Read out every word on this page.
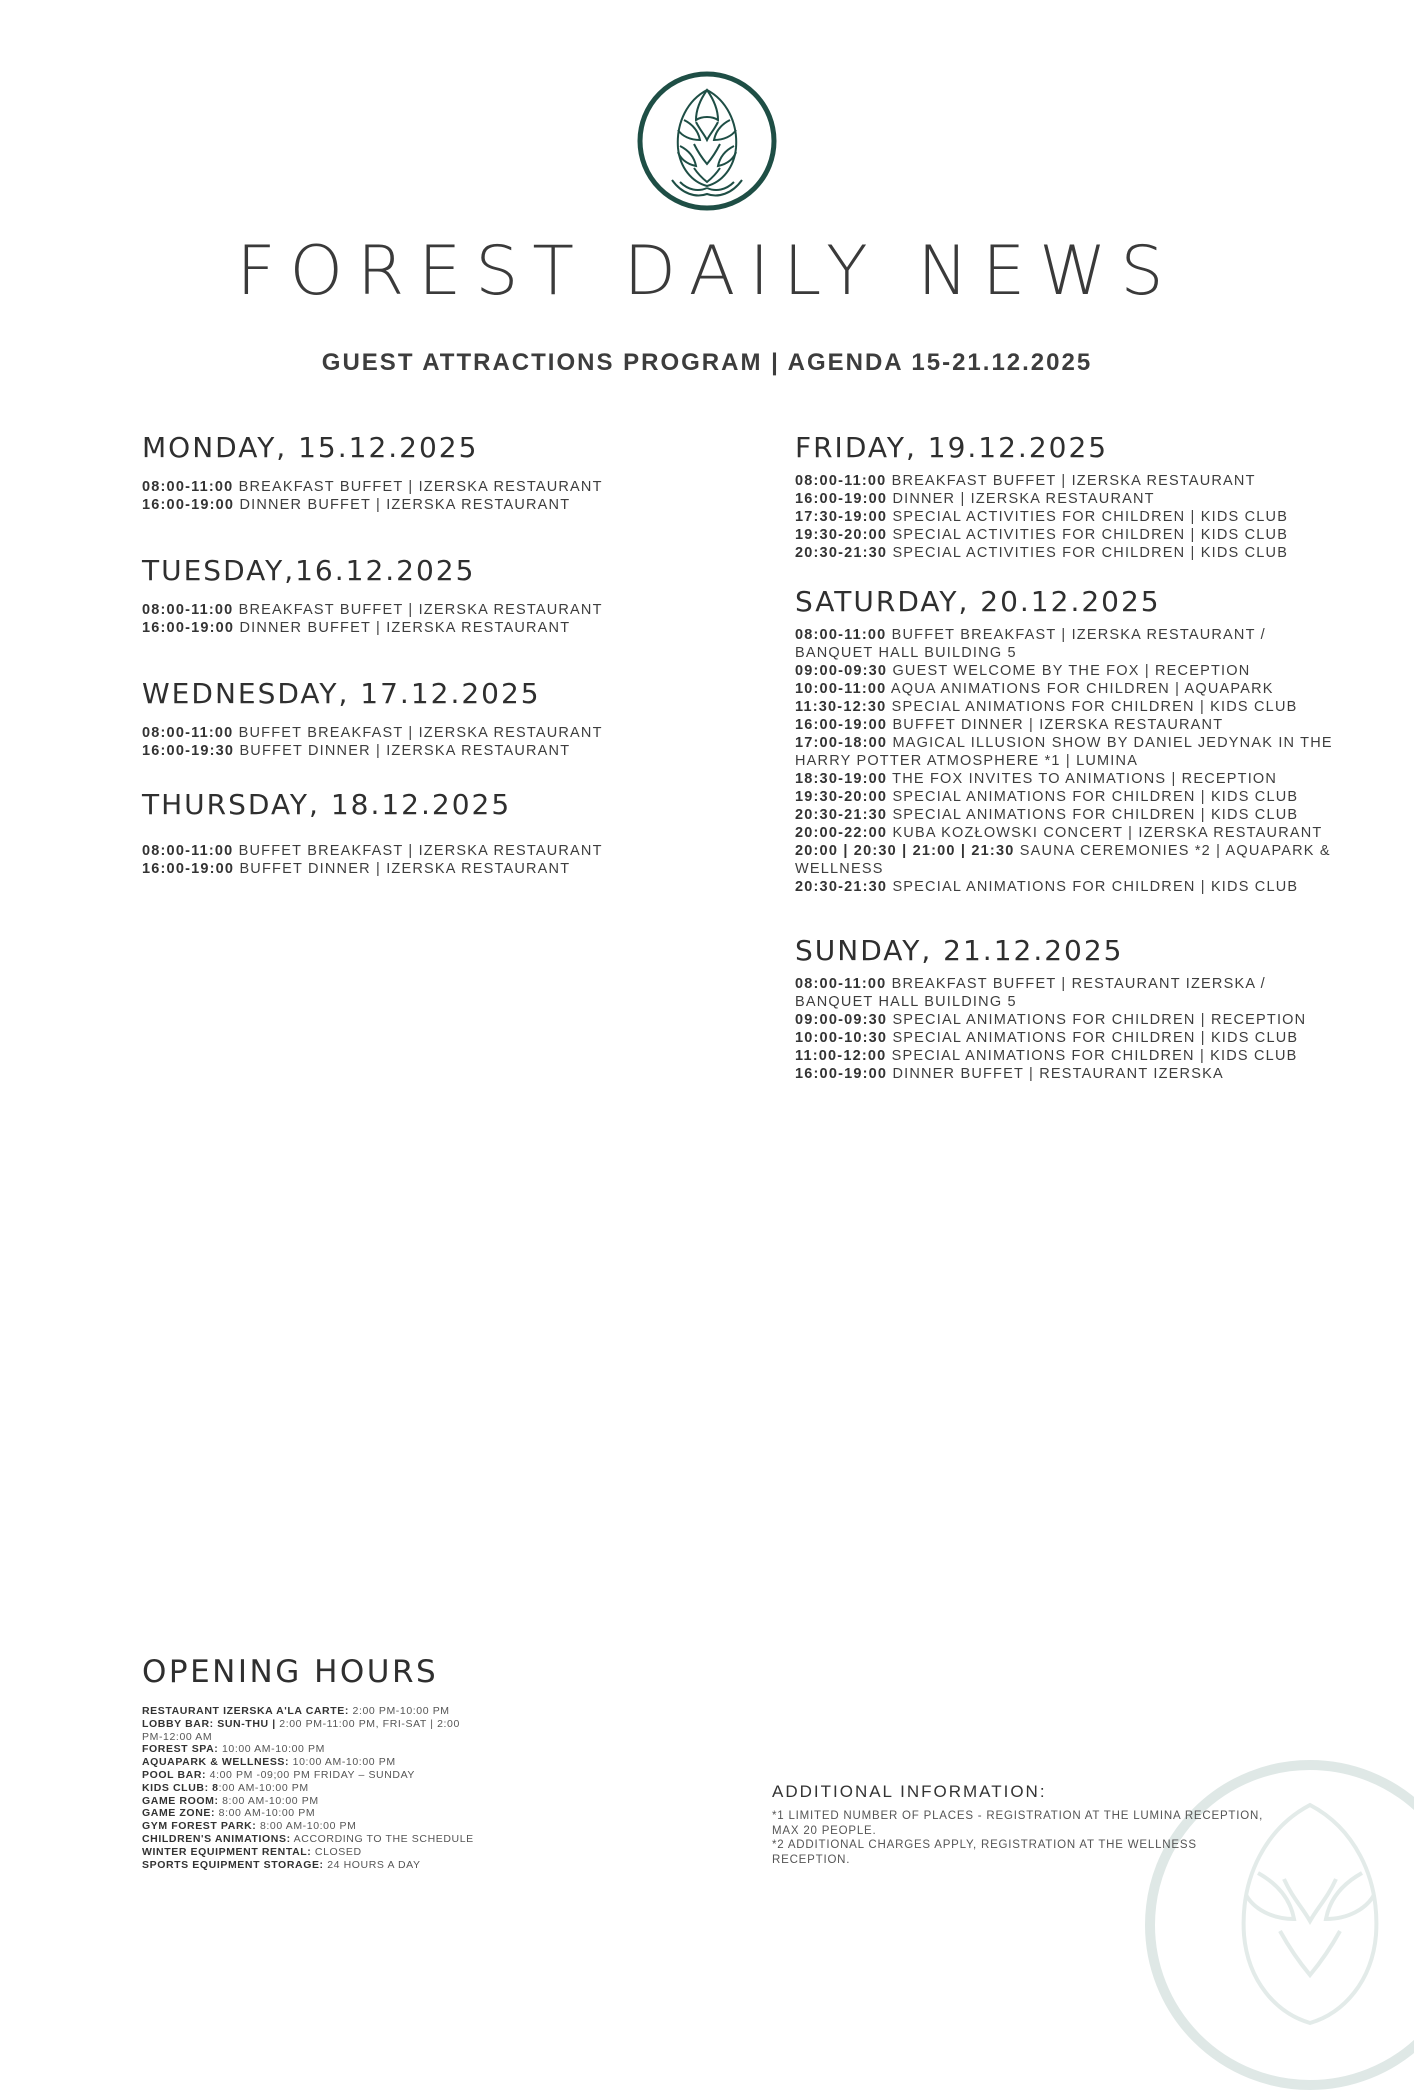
FOREST DAILY NEWS
GUEST ATTRACTIONS PROGRAM | AGENDA 15-21.12.2025
MONDAY, 15.12.2025
08:00-11:00 BREAKFAST BUFFET | IZERSKA RESTAURANT
16:00-19:00 DINNER BUFFET | IZERSKA RESTAURANT
TUESDAY,16.12.2025
08:00-11:00 BREAKFAST BUFFET | IZERSKA RESTAURANT
16:00-19:00 DINNER BUFFET | IZERSKA RESTAURANT
WEDNESDAY, 17.12.2025
08:00-11:00 BUFFET BREAKFAST | IZERSKA RESTAURANT
16:00-19:30 BUFFET DINNER | IZERSKA RESTAURANT
THURSDAY, 18.12.2025
08:00-11:00 BUFFET BREAKFAST | IZERSKA RESTAURANT
16:00-19:00 BUFFET DINNER | IZERSKA RESTAURANT
FRIDAY, 19.12.2025
08:00-11:00 BREAKFAST BUFFET | IZERSKA RESTAURANT
16:00-19:00 DINNER | IZERSKA RESTAURANT
17:30-19:00 SPECIAL ACTIVITIES FOR CHILDREN | KIDS CLUB
19:30-20:00 SPECIAL ACTIVITIES FOR CHILDREN | KIDS CLUB
20:30-21:30 SPECIAL ACTIVITIES FOR CHILDREN | KIDS CLUB
SATURDAY, 20.12.2025
08:00-11:00 BUFFET BREAKFAST | IZERSKA RESTAURANT / BANQUET HALL BUILDING 5
09:00-09:30 GUEST WELCOME BY THE FOX | RECEPTION
10:00-11:00 AQUA ANIMATIONS FOR CHILDREN | AQUAPARK
11:30-12:30 SPECIAL ANIMATIONS FOR CHILDREN | KIDS CLUB
16:00-19:00 BUFFET DINNER | IZERSKA RESTAURANT
17:00-18:00 MAGICAL ILLUSION SHOW BY DANIEL JEDYNAK IN THE HARRY POTTER ATMOSPHERE *1 | LUMINA
18:30-19:00 THE FOX INVITES TO ANIMATIONS | RECEPTION
19:30-20:00 SPECIAL ANIMATIONS FOR CHILDREN | KIDS CLUB
20:30-21:30 SPECIAL ANIMATIONS FOR CHILDREN | KIDS CLUB
20:00-22:00 KUBA KOZŁOWSKI CONCERT | IZERSKA RESTAURANT
20:00 | 20:30 | 21:00 | 21:30 SAUNA CEREMONIES *2 | AQUAPARK & WELLNESS
20:30-21:30 SPECIAL ANIMATIONS FOR CHILDREN | KIDS CLUB
SUNDAY, 21.12.2025
08:00-11:00 BREAKFAST BUFFET | RESTAURANT IZERSKA / BANQUET HALL BUILDING 5
09:00-09:30 SPECIAL ANIMATIONS FOR CHILDREN | RECEPTION
10:00-10:30 SPECIAL ANIMATIONS FOR CHILDREN | KIDS CLUB
11:00-12:00 SPECIAL ANIMATIONS FOR CHILDREN | KIDS CLUB
16:00-19:00 DINNER BUFFET | RESTAURANT IZERSKA
OPENING HOURS
RESTAURANT IZERSKA A'LA CARTE: 2:00 PM-10:00 PM
LOBBY BAR: SUN-THU | 2:00 PM-11:00 PM, FRI-SAT | 2:00 PM-12:00 AM
FOREST SPA: 10:00 AM-10:00 PM
AQUAPARK & WELLNESS: 10:00 AM-10:00 PM
POOL BAR: 4:00 PM -09;00 PM FRIDAY – SUNDAY
KIDS CLUB: 8:00 AM-10:00 PM
GAME ROOM: 8:00 AM-10:00 PM
GAME ZONE: 8:00 AM-10:00 PM
GYM FOREST PARK: 8:00 AM-10:00 PM
CHILDREN'S ANIMATIONS: ACCORDING TO THE SCHEDULE
WINTER EQUIPMENT RENTAL: CLOSED
SPORTS EQUIPMENT STORAGE: 24 HOURS A DAY
ADDITIONAL INFORMATION:
*1 LIMITED NUMBER OF PLACES - REGISTRATION AT THE LUMINA RECEPTION, MAX 20 PEOPLE.
*2 ADDITIONAL CHARGES APPLY, REGISTRATION AT THE WELLNESS RECEPTION.
